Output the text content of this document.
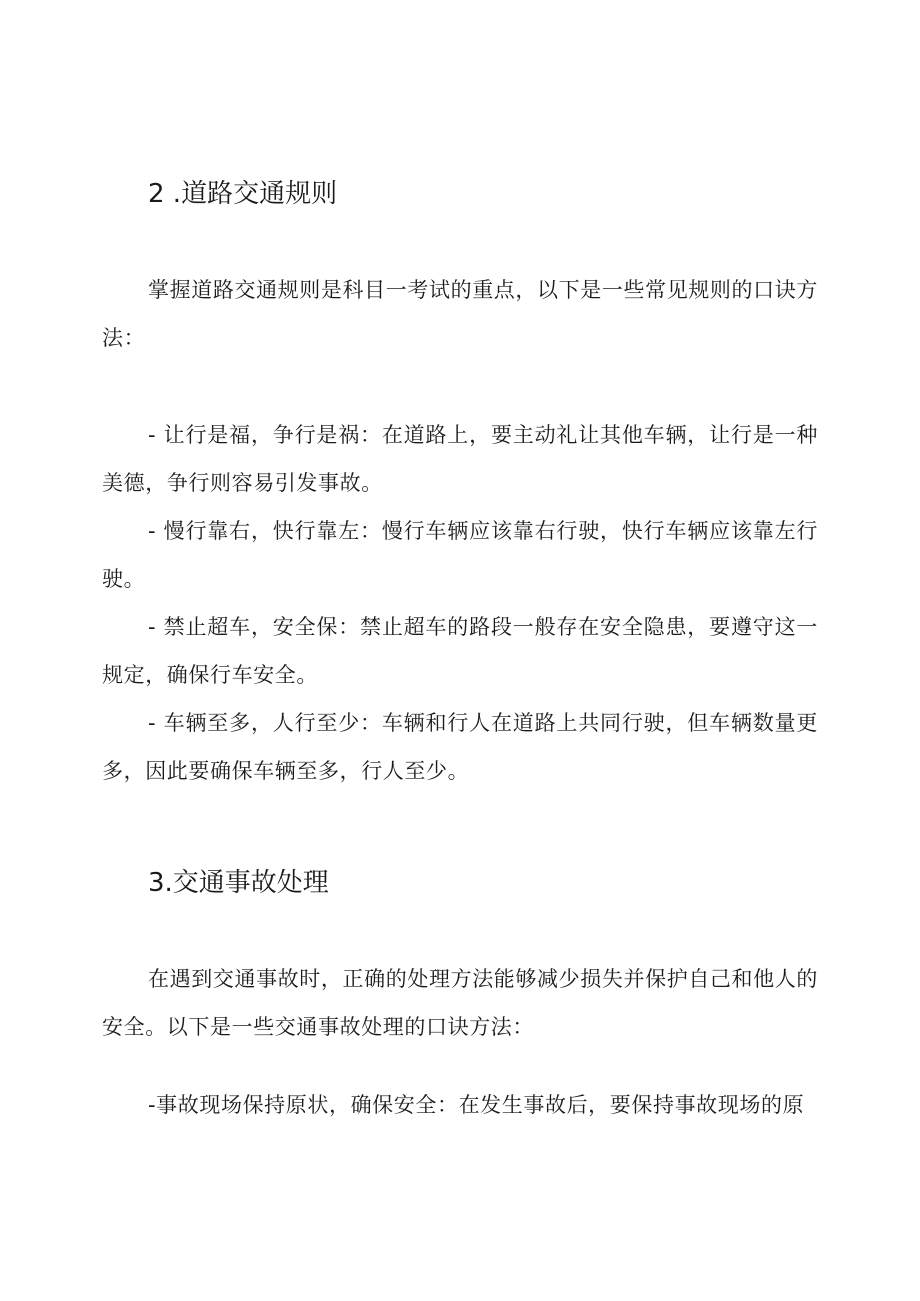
2 .道路交通规则

掌握道路交通规则是科目一考试的重点，以下是一些常见规则的口诀方法：

- 让行是福，争行是祸：在道路上，要主动礼让其他车辆，让行是一种美德，争行则容易引发事故。

- 慢行靠右，快行靠左：慢行车辆应该靠右行驶，快行车辆应该靠左行驶。

- 禁止超车，安全保：禁止超车的路段一般存在安全隐患，要遵守这一规定，确保行车安全。

- 车辆至多，人行至少：车辆和行人在道路上共同行驶，但车辆数量更多，因此要确保车辆至多，行人至少。

3.交通事故处理

在遇到交通事故时，正确的处理方法能够减少损失并保护自己和他人的安全。以下是一些交通事故处理的口诀方法：

-事故现场保持原状，确保安全：在发生事故后，要保持事故现场的原
